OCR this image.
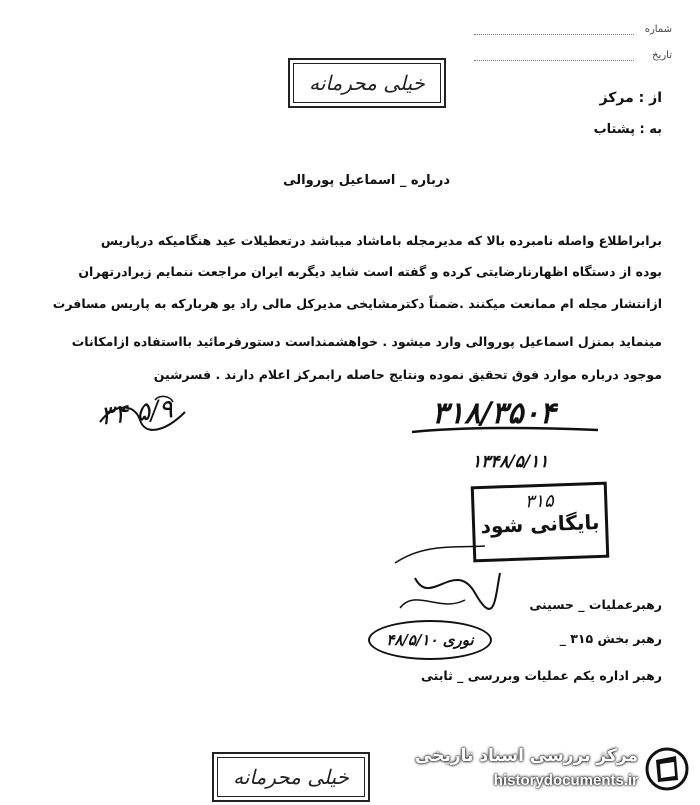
شماره
تاریخ
خیلی محرمانه
از : مرکز
به : پشتاب
درباره _ اسماعیل پوروالی
برابراطلاع واصله نامبرده بالا که مدیرمجله باماشاد میباشد درتعطیلات عید هنگامیکه درپاریس
بوده از دستگاه اظهارنارضایتی کرده و گفته است شاید دیگربه ایران مراجعت ننمایم زیرادرتهران
ازانتشار مجله ام ممانعت میکنند .ضمناً دکترمشایخی مدیرکل مالی راد یو هربارکه به پاریس مسافرت
مینماید بمنزل اسماعیل پوروالی وارد میشود . خواهشمنداست دستورفرمائید بااستفاده ازامکانات
موجود درباره موارد فوق تحقیق نموده ونتایج حاصله رابمرکز اعلام دارند . فسرشین
۳۴ ۵/۹	۳۱۸/۳۵۰۴
۱۳۴۸/۵/۱۱
۳۱۵
بایگانی شود
رهبرعملیات _ حسینی
رهبر بخش ۳۱۵ _
نوری ۴۸/۵/۱۰
رهبر اداره یکم عملیات وبررسی _ ثابتی
خیلی محرمانه
مرکز بررسی اسناد تاریخی
historydocuments.ir
